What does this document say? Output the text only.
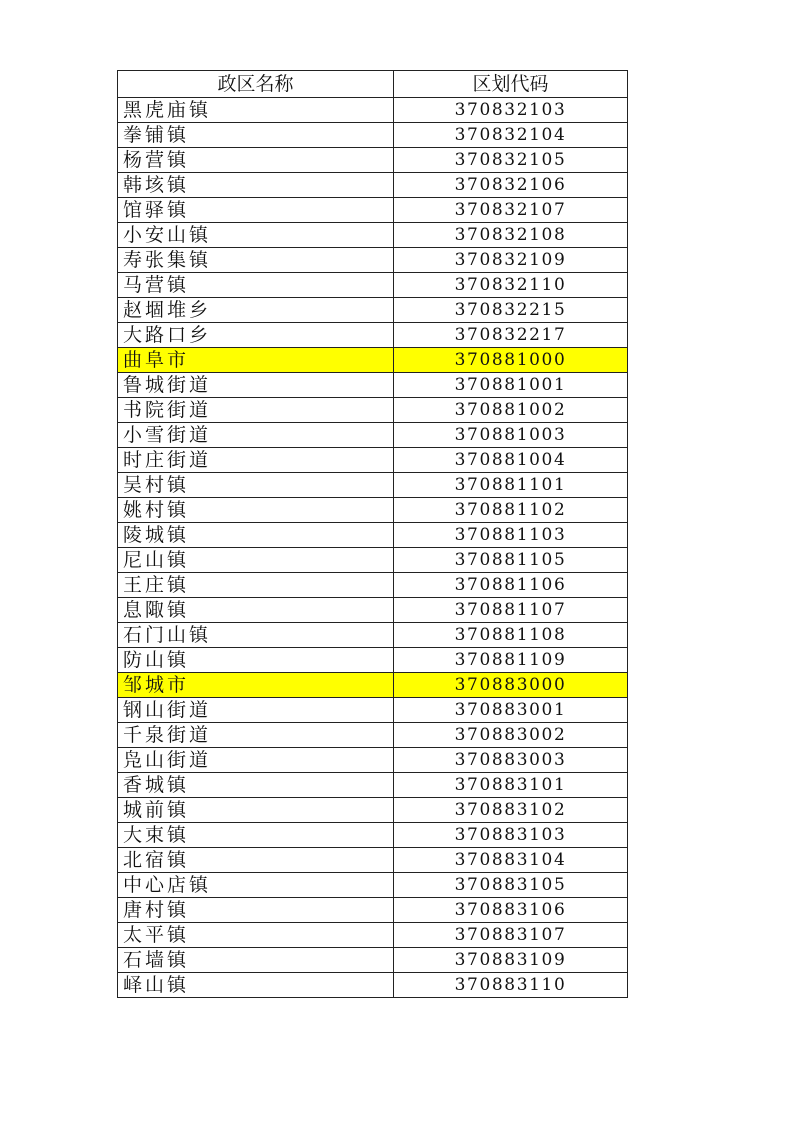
政区名称	区划代码
黑虎庙镇	370832103
拳铺镇	370832104
杨营镇	370832105
韩垓镇	370832106
馆驿镇	370832107
小安山镇	370832108
寿张集镇	370832109
马营镇	370832110
赵堌堆乡	370832215
大路口乡	370832217
曲阜市	370881000
鲁城街道	370881001
书院街道	370881002
小雪街道	370881003
时庄街道	370881004
吴村镇	370881101
姚村镇	370881102
陵城镇	370881103
尼山镇	370881105
王庄镇	370881106
息陬镇	370881107
石门山镇	370881108
防山镇	370881109
邹城市	370883000
钢山街道	370883001
千泉街道	370883002
凫山街道	370883003
香城镇	370883101
城前镇	370883102
大束镇	370883103
北宿镇	370883104
中心店镇	370883105
唐村镇	370883106
太平镇	370883107
石墙镇	370883109
峄山镇	370883110
